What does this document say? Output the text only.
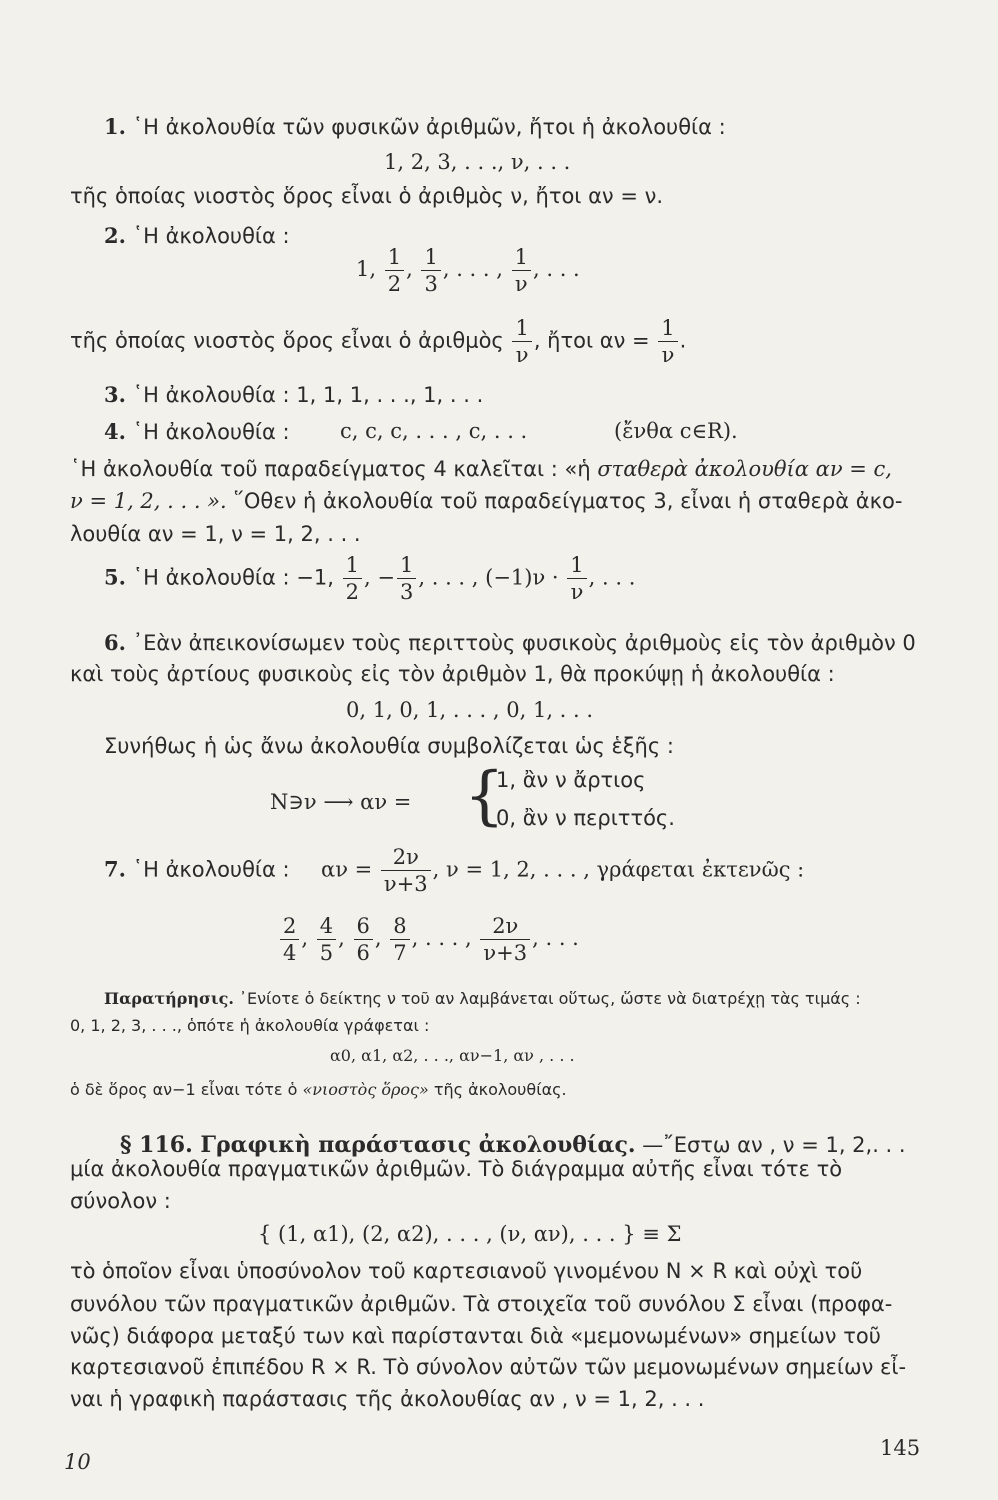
1. ῾Η ἀκολουθία τῶν φυσικῶν ἀριθμῶν, ἤτοι ἡ ἀκολουθία :
1, 2, 3, . . ., ν, . . .
τῆς ὁποίας νιοστὸς ὅρος εἶναι ὁ ἀριθμὸς ν, ἤτοι αν = ν.
2. ῾Η ἀκολουθία :
1, $\frac{1}{2}$ , $\frac{1}{3}$ , . . . , $\frac{1}{\nu}$ , . . .
τῆς ὁποίας νιοστὸς ὅρος εἶναι ὁ ἀριθμὸς $\frac{1}{\nu}$ , ἤτοι $\alpha\nu = \frac{1}{\nu}$ .
3. ῾Η ἀκολουθία : 1, 1, 1, . . ., 1, . . .
4. ῾Η ἀκολουθία : c, c, c, . . . , c, . . .	(ἔνθα c∈R).
῾Η ἀκολουθία τοῦ παραδείγματος 4 καλεῖται : «ἡ σταθερὰ ἀκολουθία αν = c,
ν = 1, 2, . . . ». ῞Οθεν ἡ ἀκολουθία τοῦ παραδείγματος 3, εἶναι ἡ σταθερὰ ἀκο-
λουθία αν = 1, ν = 1, 2, . . .
5. ῾Η ἀκολουθία : −1, $\frac{1}{2}$ , − $\frac{1}{3}$ , . . . , $(-1)\nu \cdot \frac{1}{\nu}$ , . . .
6. ᾿Εὰν ἀπεικονίσωμεν τοὺς περιττοὺς φυσικοὺς ἀριθμοὺς εἰς τὸν ἀριθμὸν 0
καὶ τοὺς ἀρτίους φυσικοὺς εἰς τὸν ἀριθμὸν 1, θὰ προκύψῃ ἡ ἀκολουθία :
0, 1, 0, 1, . . . , 0, 1, . . .
Συνήθως ἡ ὡς ἄνω ἀκολουθία συμβολίζεται ὡς ἑξῆς :
N∋ν ⟶ αν = {
1, ἂν ν ἄρτιος
0, ἂν ν περιττός.
7. ῾Η ἀκολουθία : $\alpha\nu = \frac{2\nu}{\nu+3}$ , ν = 1, 2, . . . , γράφεται ἐκτενῶς :
$\frac{2}{4}$ , $\frac{4}{5}$ , $\frac{6}{6}$ , $\frac{8}{7}$ , . . . , $\frac{2\nu}{\nu+3}$ , . . .
Παρατήρησις. ᾿Ενίοτε ὁ δείκτης ν τοῦ αν λαμβάνεται οὕτως, ὥστε νὰ διατρέχῃ τὰς τιμάς :
0, 1, 2, 3, . . ., ὁπότε ἡ ἀκολουθία γράφεται :
α0, α1, α2, . . ., αν−1, αν , . . .
ὁ δὲ ὅρος αν−1 εἶναι τότε ὁ «νιοστὸς ὅρος» τῆς ἀκολουθίας.
§ 116. Γραφικὴ παράστασις ἀκολουθίας. —῎Εστω αν , ν = 1, 2,. . .
μία ἀκολουθία πραγματικῶν ἀριθμῶν. Τὸ διάγραμμα αὐτῆς εἶναι τότε τὸ
σύνολον :
{ (1, α1), (2, α2), . . . , (ν, αν), . . . } ≡ Σ
τὸ ὁποῖον εἶναι ὑποσύνολον τοῦ καρτεσιανοῦ γινομένου N × R καὶ οὐχὶ τοῦ
συνόλου τῶν πραγματικῶν ἀριθμῶν. Τὰ στοιχεῖα τοῦ συνόλου Σ εἶναι (προφα-
νῶς) διάφορα μεταξύ των καὶ παρίστανται διὰ «μεμονωμένων» σημείων τοῦ
καρτεσιανοῦ ἐπιπέδου R × R. Τὸ σύνολον αὐτῶν τῶν μεμονωμένων σημείων εἶ-
ναι ἡ γραφικὴ παράστασις τῆς ἀκολουθίας αν , ν = 1, 2, . . .
10
145
